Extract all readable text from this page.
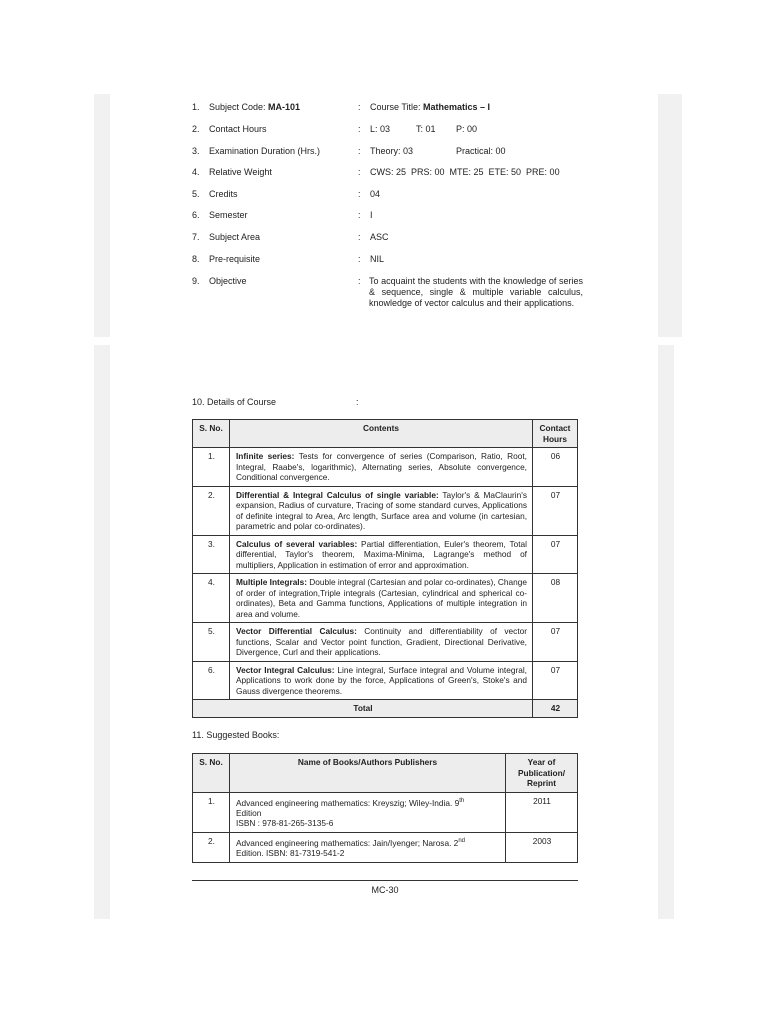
1.	Subject Code: MA-101	: Course Title: Mathematics – I
2.	Contact Hours	: L: 03	T: 01 P: 00
3.	Examination Duration (Hrs.)	: Theory: 03	Practical: 00
4.	Relative Weight	: CWS: 25  PRS: 00  MTE: 25  ETE: 50  PRE: 00
5.	Credits	: 04
6.	Semester	: I
7.	Subject Area	: ASC
8.	Pre-requisite	: NIL
9.	Objective	: To acquaint the students with the knowledge of series & sequence, single & multiple variable calculus, knowledge of vector calculus and their applications.
10. Details of Course	:
S. No.	Contents	Contact Hours
1.	Infinite series: Tests for convergence of series (Comparison, Ratio, Root, Integral, Raabe's, logarithmic), Alternating series, Absolute convergence, Conditional convergence.	06
2.	Differential & Integral Calculus of single variable: Taylor's & MaClaurin's expansion, Radius of curvature, Tracing of some standard curves, Applications of definite integral to Area, Arc length, Surface area and volume (in cartesian, parametric and polar co-ordinates).	07
3.	Calculus of several variables: Partial differentiation, Euler's theorem, Total differential, Taylor's theorem, Maxima-Minima, Lagrange's method of multipliers, Application in estimation of error and approximation.	07
4.	Multiple Integrals: Double integral (Cartesian and polar co-ordinates), Change of order of integration,Triple integrals (Cartesian, cylindrical and spherical co-ordinates), Beta and Gamma functions, Applications of multiple integration in area and volume.	08
5.	Vector Differential Calculus: Continuity and differentiability of vector functions, Scalar and Vector point function, Gradient, Directional Derivative, Divergence, Curl and their applications.	07
6.	Vector Integral Calculus: Line integral, Surface integral and Volume integral, Applications to work done by the force, Applications of Green's, Stoke's and Gauss divergence theorems.	07
Total		42
11. Suggested Books:
S. No.	Name of Books/Authors Publishers	Year of Publication/ Reprint
1.	Advanced engineering mathematics: Kreyszig; Wiley-India. 9th
Edition
ISBN : 978-81-265-3135-6	2011
2.	Advanced engineering mathematics: Jain/Iyenger; Narosa. 2nd
Edition. ISBN: 81-7319-541-2	2003
MC-30
